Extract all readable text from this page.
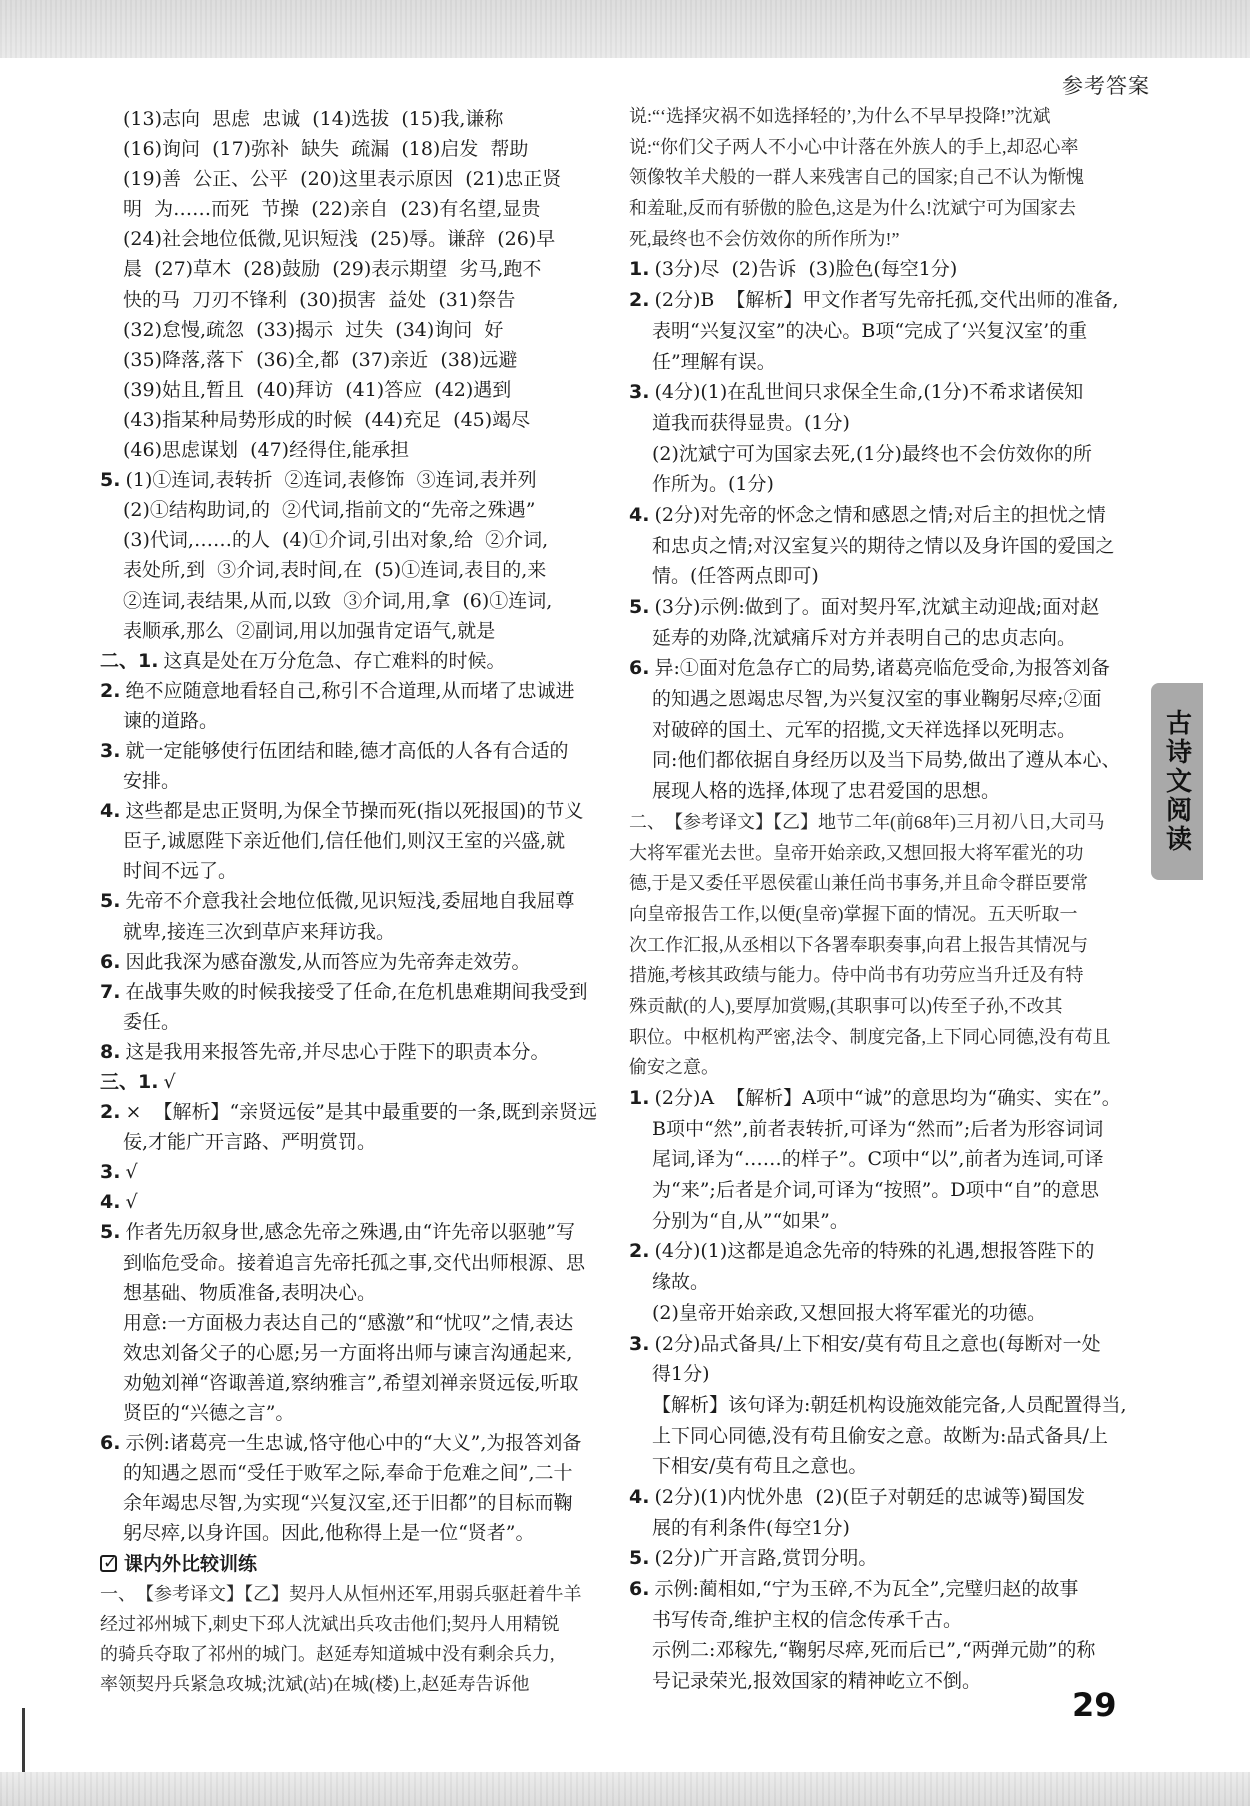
参考答案
(13)志向  思虑  忠诚  (14)选拔  (15)我,谦称
(16)询问  (17)弥补  缺失  疏漏  (18)启发  帮助
(19)善  公正、公平  (20)这里表示原因  (21)忠正贤
明  为……而死  节操  (22)亲自  (23)有名望,显贵
(24)社会地位低微,见识短浅  (25)辱。谦辞  (26)早
晨  (27)草木  (28)鼓励  (29)表示期望  劣马,跑不
快的马  刀刃不锋利  (30)损害  益处  (31)祭告
(32)怠慢,疏忽  (33)揭示  过失  (34)询问  好
(35)降落,落下  (36)全,都  (37)亲近  (38)远避
(39)姑且,暂且  (40)拜访  (41)答应  (42)遇到
(43)指某种局势形成的时候  (44)充足  (45)竭尽
(46)思虑谋划  (47)经得住,能承担
5. (1)①连词,表转折  ②连词,表修饰  ③连词,表并列
(2)①结构助词,的  ②代词,指前文的“先帝之殊遇”
(3)代词,……的人  (4)①介词,引出对象,给  ②介词,
表处所,到  ③介词,表时间,在  (5)①连词,表目的,来
②连词,表结果,从而,以致  ③介词,用,拿  (6)①连词,
表顺承,那么  ②副词,用以加强肯定语气,就是
二、1. 这真是处在万分危急、存亡难料的时候。
2. 绝不应随意地看轻自己,称引不合道理,从而堵了忠诚进
谏的道路。
3. 就一定能够使行伍团结和睦,德才高低的人各有合适的
安排。
4. 这些都是忠正贤明,为保全节操而死(指以死报国)的节义
臣子,诚愿陛下亲近他们,信任他们,则汉王室的兴盛,就
时间不远了。
5. 先帝不介意我社会地位低微,见识短浅,委屈地自我屈尊
就卑,接连三次到草庐来拜访我。
6. 因此我深为感奋激发,从而答应为先帝奔走效劳。
7. 在战事失败的时候我接受了任命,在危机患难期间我受到
委任。
8. 这是我用来报答先帝,并尽忠心于陛下的职责本分。
三、1. √
2. ×  【解析】“亲贤远佞”是其中最重要的一条,既到亲贤远
佞,才能广开言路、严明赏罚。
3. √
4. √
5. 作者先历叙身世,感念先帝之殊遇,由“许先帝以驱驰”写
到临危受命。接着追言先帝托孤之事,交代出师根源、思
想基础、物质准备,表明决心。
用意:一方面极力表达自己的“感激”和“忧叹”之情,表达
效忠刘备父子的心愿;另一方面将出师与谏言沟通起来,
劝勉刘禅“咨诹善道,察纳雅言”,希望刘禅亲贤远佞,听取
贤臣的“兴德之言”。
6. 示例:诸葛亮一生忠诚,恪守他心中的“大义”,为报答刘备
的知遇之恩而“受任于败军之际,奉命于危难之间”,二十
余年竭忠尽智,为实现“兴复汉室,还于旧都”的目标而鞠
躬尽瘁,以身许国。因此,他称得上是一位“贤者”。
✓
课内外比较训练
一、 【参考译文】【乙】契丹人从恒州还军,用弱兵驱赶着牛羊
经过祁州城下,刺史下邳人沈斌出兵攻击他们;契丹人用精锐
的骑兵夺取了祁州的城门。赵延寿知道城中没有剩余兵力,
率领契丹兵紧急攻城;沈斌(站)在城(楼)上,赵延寿告诉他
说:“‘选择灾祸不如选择轻的’,为什么不早早投降!”沈斌
说:“你们父子两人不小心中计落在外族人的手上,却忍心率
领像牧羊犬般的一群人来残害自己的国家;自己不认为惭愧
和羞耻,反而有骄傲的脸色,这是为什么!沈斌宁可为国家去
死,最终也不会仿效你的所作所为!”
1. (3分)尽  (2)告诉  (3)脸色(每空1分)
2. (2分)B  【解析】甲文作者写先帝托孤,交代出师的准备,
表明“兴复汉室”的决心。B项“完成了‘兴复汉室’的重
任”理解有误。
3. (4分)(1)在乱世间只求保全生命,(1分)不希求诸侯知
道我而获得显贵。(1分)
(2)沈斌宁可为国家去死,(1分)最终也不会仿效你的所
作所为。(1分)
4. (2分)对先帝的怀念之情和感恩之情;对后主的担忧之情
和忠贞之情;对汉室复兴的期待之情以及身许国的爱国之
情。(任答两点即可)
5. (3分)示例:做到了。面对契丹军,沈斌主动迎战;面对赵
延寿的劝降,沈斌痛斥对方并表明自己的忠贞志向。
6. 异:①面对危急存亡的局势,诸葛亮临危受命,为报答刘备
的知遇之恩竭忠尽智,为兴复汉室的事业鞠躬尽瘁;②面
对破碎的国土、元军的招揽,文天祥选择以死明志。
同:他们都依据自身经历以及当下局势,做出了遵从本心、
展现人格的选择,体现了忠君爱国的思想。
二、 【参考译文】【乙】地节二年(前68年)三月初八日,大司马
大将军霍光去世。皇帝开始亲政,又想回报大将军霍光的功
德,于是又委任平恩侯霍山兼任尚书事务,并且命令群臣要常
向皇帝报告工作,以便(皇帝)掌握下面的情况。五天听取一
次工作汇报,从丞相以下各署奉职奏事,向君上报告其情况与
措施,考核其政绩与能力。侍中尚书有功劳应当升迁及有特
殊贡献(的人),要厚加赏赐,(其职事可以)传至子孙,不改其
职位。中枢机构严密,法令、制度完备,上下同心同德,没有苟且
偷安之意。
1. (2分)A  【解析】A项中“诚”的意思均为“确实、实在”。
B项中“然”,前者表转折,可译为“然而”;后者为形容词词
尾词,译为“……的样子”。C项中“以”,前者为连词,可译
为“来”;后者是介词,可译为“按照”。D项中“自”的意思
分别为“自,从”“如果”。
2. (4分)(1)这都是追念先帝的特殊的礼遇,想报答陛下的
缘故。
(2)皇帝开始亲政,又想回报大将军霍光的功德。
3. (2分)品式备具/上下相安/莫有苟且之意也(每断对一处
得1分)
【解析】该句译为:朝廷机构设施效能完备,人员配置得当,
上下同心同德,没有苟且偷安之意。故断为:品式备具/上
下相安/莫有苟且之意也。
4. (2分)(1)内忧外患  (2)(臣子对朝廷的忠诚等)蜀国发
展的有利条件(每空1分)
5. (2分)广开言路,赏罚分明。
6. 示例:蔺相如,“宁为玉碎,不为瓦全”,完璧归赵的故事
书写传奇,维护主权的信念传承千古。
示例二:邓稼先,“鞠躬尽瘁,死而后已”,“两弹元勋”的称
号记录荣光,报效国家的精神屹立不倒。
古诗文阅读
29
